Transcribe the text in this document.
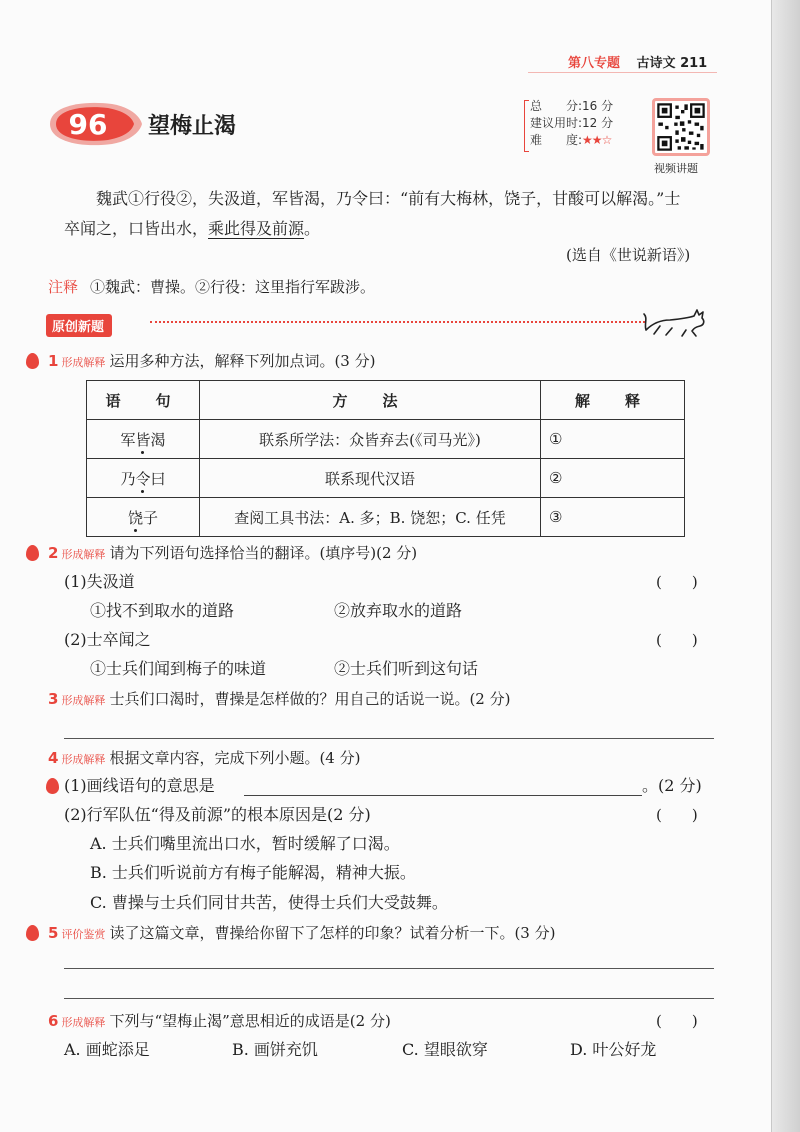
第八专题 古诗文 211
96 望梅止渴
总　　分:16 分
建议用时:12 分
难　　度:★★☆
视频讲题
魏武①行役②，失汲道，军皆渴，乃令曰：“前有大梅林，饶子，甘酸可以解渴。”士
卒闻之，口皆出水，乘此得及前源。
(选自《世说新语》)
注释 ①魏武：曹操。②行役：这里指行军跋涉。
原创新题
1 形成解释 运用多种方法，解释下列加点词。(3 分)
语　句	方　法	解　释
军皆渴	联系所学法：众皆弃去(《司马光》)	①
乃令曰	联系现代汉语	②
饶子	查阅工具书法：A. 多；B. 饶恕；C. 任凭	③
2 形成解释 请为下列语句选择恰当的翻译。(填序号)(2 分)
(1)失汲道	(　　)
①找不到取水的道路	②放弃取水的道路
(2)士卒闻之	(　　)
①士兵们闻到梅子的味道	②士兵们听到这句话
3 形成解释 士兵们口渴时，曹操是怎样做的？用自己的话说一说。(2 分)
4 形成解释 根据文章内容，完成下列小题。(4 分)
(1)画线语句的意思是	。(2 分)
(2)行军队伍“得及前源”的根本原因是(2 分)	(　　)
A. 士兵们嘴里流出口水，暂时缓解了口渴。
B. 士兵们听说前方有梅子能解渴，精神大振。
C. 曹操与士兵们同甘共苦，使得士兵们大受鼓舞。
5 评价鉴赏 读了这篇文章，曹操给你留下了怎样的印象？试着分析一下。(3 分)
6 形成解释 下列与“望梅止渴”意思相近的成语是(2 分)	(　　)
A. 画蛇添足	B. 画饼充饥	C. 望眼欲穿	D. 叶公好龙
